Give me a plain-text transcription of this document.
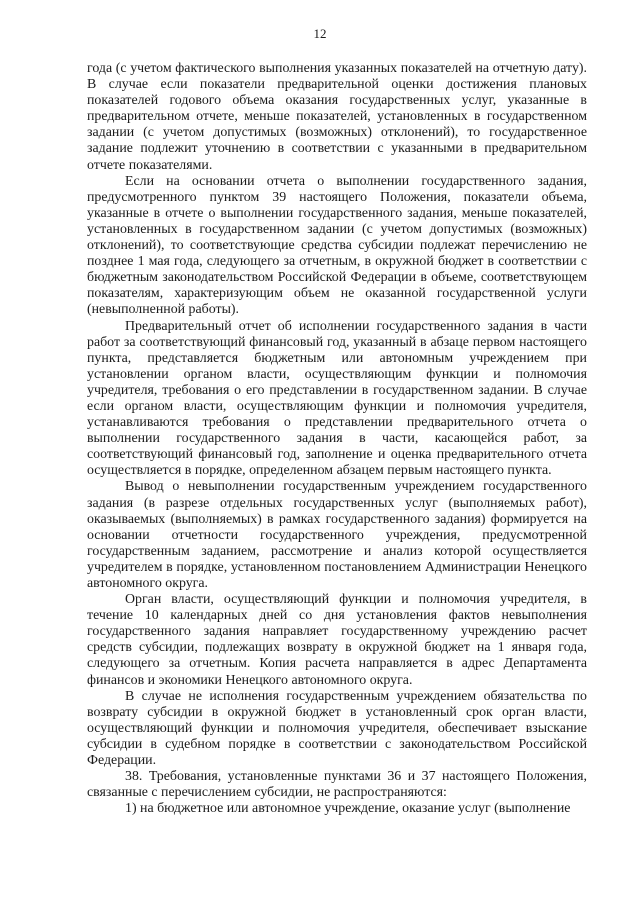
12

года (с учетом фактического выполнения указанных показателей на отчетную дату). В случае если показатели предварительной оценки достижения плановых показателей годового объема оказания государственных услуг, указанные в предварительном отчете, меньше показателей, установленных в государственном задании (с учетом допустимых (возможных) отклонений), то государственное задание подлежит уточнению в соответствии с указанными в предварительном отчете показателями.

Если на основании отчета о выполнении государственного задания, предусмотренного пунктом 39 настоящего Положения, показатели объема, указанные в отчете о выполнении государственного задания, меньше показателей, установленных в государственном задании (с учетом допустимых (возможных) отклонений), то соответствующие средства субсидии подлежат перечислению не позднее 1 мая года, следующего за отчетным, в окружной бюджет в соответствии с бюджетным законодательством Российской Федерации в объеме, соответствующем показателям, характеризующим объем не оказанной государственной услуги (невыполненной работы).

Предварительный отчет об исполнении государственного задания в части работ за соответствующий финансовый год, указанный в абзаце первом настоящего пункта, представляется бюджетным или автономным учреждением при установлении органом власти, осуществляющим функции и полномочия учредителя, требования о его представлении в государственном задании. В случае если органом власти, осуществляющим функции и полномочия учредителя, устанавливаются требования о представлении предварительного отчета о выполнении государственного задания в части, касающейся работ, за соответствующий финансовый год, заполнение и оценка предварительного отчета осуществляется в порядке, определенном абзацем первым настоящего пункта.

Вывод о невыполнении государственным учреждением государственного задания (в разрезе отдельных государственных услуг (выполняемых работ), оказываемых (выполняемых) в рамках государственного задания) формируется на основании отчетности государственного учреждения, предусмотренной государственным заданием, рассмотрение и анализ которой осуществляется учредителем в порядке, установленном постановлением Администрации Ненецкого автономного округа.

Орган власти, осуществляющий функции и полномочия учредителя, в течение 10 календарных дней со дня установления фактов невыполнения государственного задания направляет государственному учреждению расчет средств субсидии, подлежащих возврату в окружной бюджет на 1 января года, следующего за отчетным. Копия расчета направляется в адрес Департамента финансов и экономики Ненецкого автономного округа.

В случае не исполнения государственным учреждением обязательства по возврату субсидии в окружной бюджет в установленный срок орган власти, осуществляющий функции и полномочия учредителя, обеспечивает взыскание субсидии в судебном порядке в соответствии с законодательством Российской Федерации.

38. Требования, установленные пунктами 36 и 37 настоящего Положения, связанные с перечислением субсидии, не распространяются:

1) на бюджетное или автономное учреждение, оказание услуг (выполнение
